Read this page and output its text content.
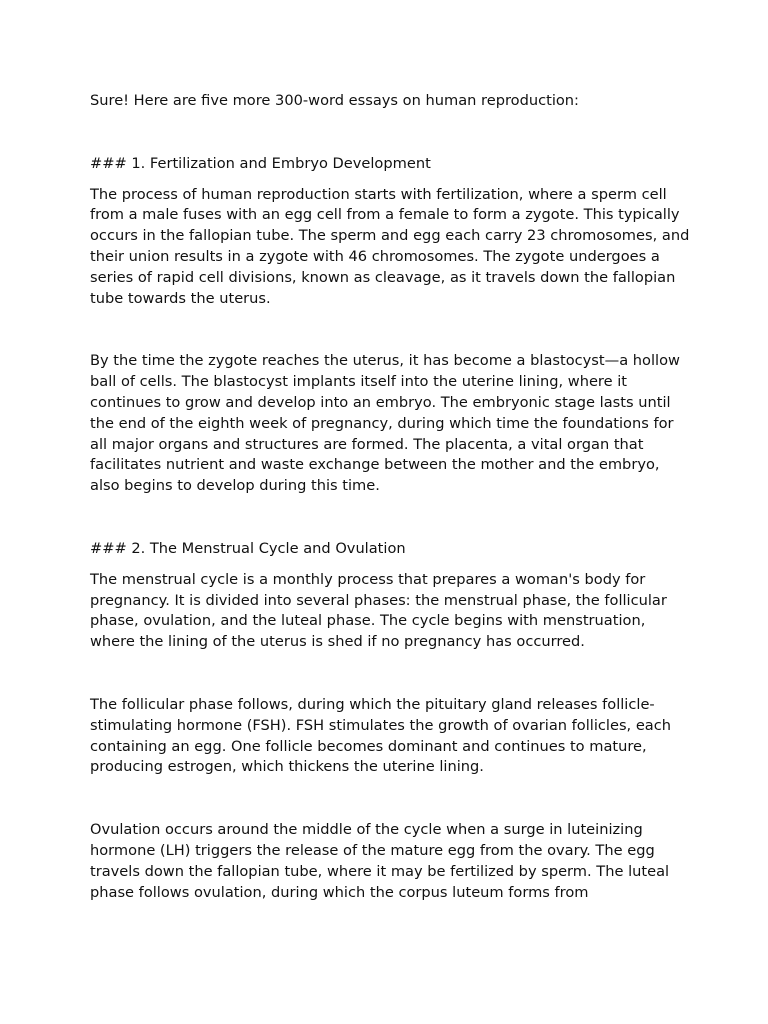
Sure! Here are five more 300-word essays on human reproduction:

### 1. Fertilization and Embryo Development

The process of human reproduction starts with fertilization, where a sperm cell from a male fuses with an egg cell from a female to form a zygote. This typically occurs in the fallopian tube. The sperm and egg each carry 23 chromosomes, and their union results in a zygote with 46 chromosomes. The zygote undergoes a series of rapid cell divisions, known as cleavage, as it travels down the fallopian tube towards the uterus.

By the time the zygote reaches the uterus, it has become a blastocyst—a hollow ball of cells. The blastocyst implants itself into the uterine lining, where it continues to grow and develop into an embryo. The embryonic stage lasts until the end of the eighth week of pregnancy, during which time the foundations for all major organs and structures are formed. The placenta, a vital organ that facilitates nutrient and waste exchange between the mother and the embryo, also begins to develop during this time.

### 2. The Menstrual Cycle and Ovulation

The menstrual cycle is a monthly process that prepares a woman's body for pregnancy. It is divided into several phases: the menstrual phase, the follicular phase, ovulation, and the luteal phase. The cycle begins with menstruation, where the lining of the uterus is shed if no pregnancy has occurred.

The follicular phase follows, during which the pituitary gland releases follicle-stimulating hormone (FSH). FSH stimulates the growth of ovarian follicles, each containing an egg. One follicle becomes dominant and continues to mature, producing estrogen, which thickens the uterine lining.

Ovulation occurs around the middle of the cycle when a surge in luteinizing hormone (LH) triggers the release of the mature egg from the ovary. The egg travels down the fallopian tube, where it may be fertilized by sperm. The luteal phase follows ovulation, during which the corpus luteum forms from
